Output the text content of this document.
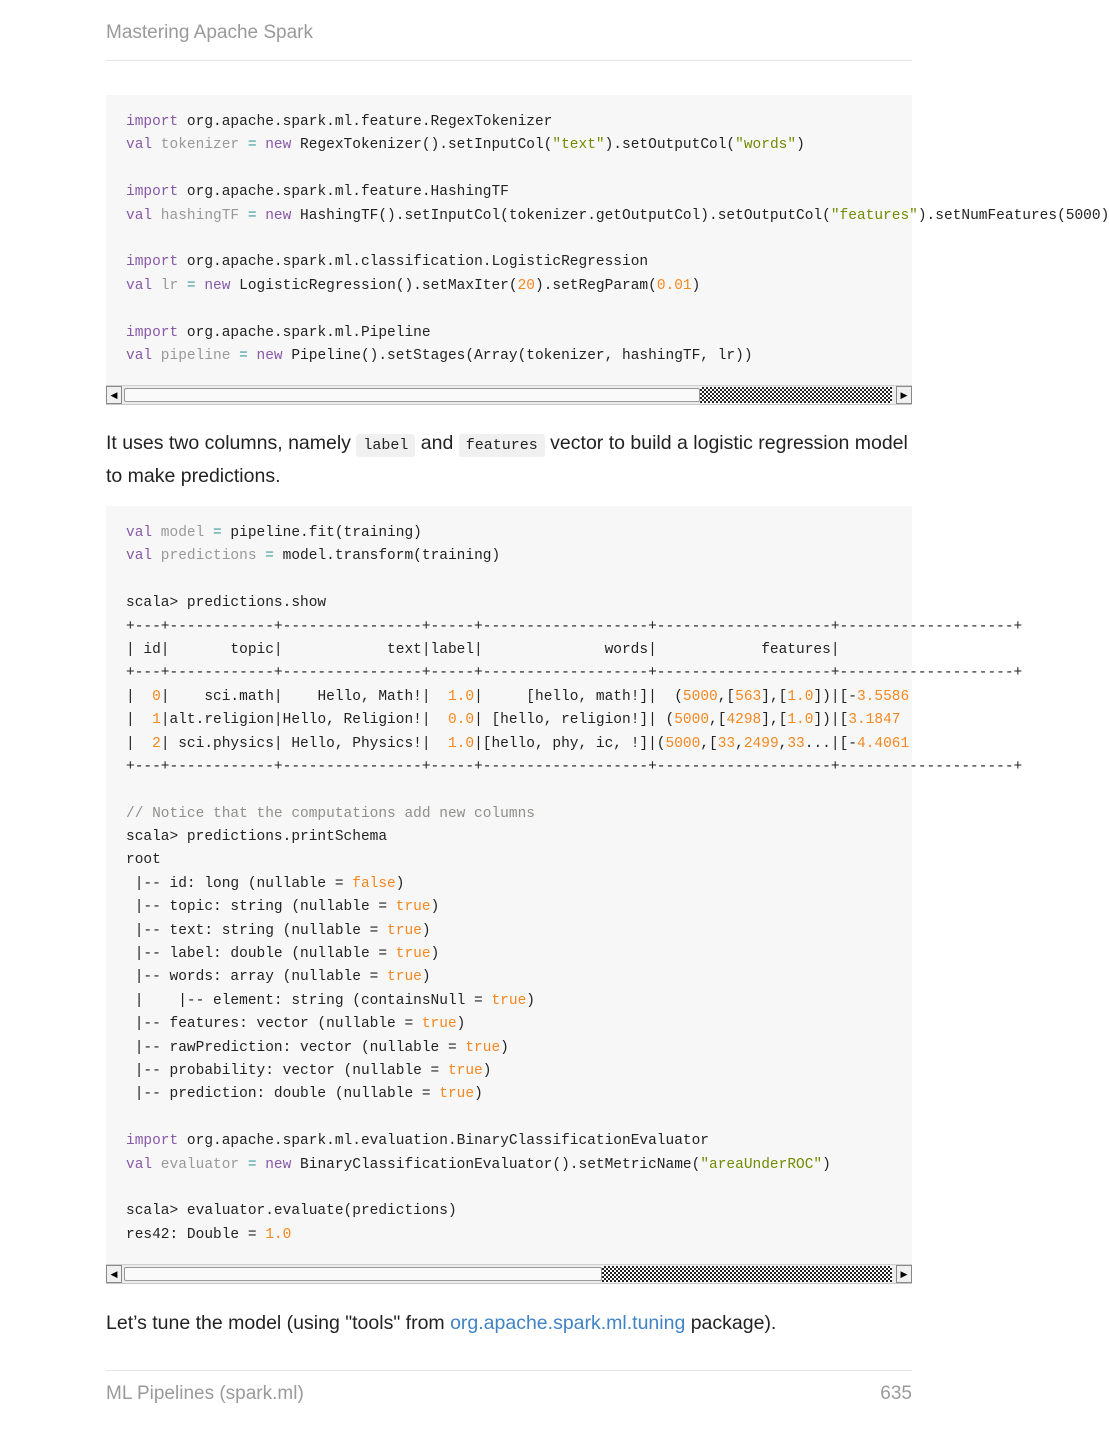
Mastering Apache Spark
import org.apache.spark.ml.feature.RegexTokenizer
val tokenizer = new RegexTokenizer().setInputCol("text").setOutputCol("words")

import org.apache.spark.ml.feature.HashingTF
val hashingTF = new HashingTF().setInputCol(tokenizer.getOutputCol).setOutputCol("features").setNumFeatures(5000)

import org.apache.spark.ml.classification.LogisticRegression
val lr = new LogisticRegression().setMaxIter(20).setRegParam(0.01)

import org.apache.spark.ml.Pipeline
val pipeline = new Pipeline().setStages(Array(tokenizer, hashingTF, lr))
◀	▶
It uses two columns, namely label and features vector to build a logistic regression model to make predictions.
val model = pipeline.fit(training)
val predictions = model.transform(training)

scala> predictions.show
+---+------------+----------------+-----+-------------------+--------------------+--------------------+
| id|       topic|            text|label|              words|            features|
+---+------------+----------------+-----+-------------------+--------------------+--------------------+
|  0|    sci.math|    Hello, Math!|  1.0|     [hello, math!]|  (5000,[563],[1.0])|[-3.5586
|  1|alt.religion|Hello, Religion!|  0.0| [hello, religion!]| (5000,[4298],[1.0])|[3.1847
|  2| sci.physics| Hello, Physics!|  1.0|[hello, phy, ic, !]|(5000,[33,2499,33...|[-4.4061
+---+------------+----------------+-----+-------------------+--------------------+--------------------+

// Notice that the computations add new columns
scala> predictions.printSchema
root
|-- id: long (nullable = false)
|-- topic: string (nullable = true)
|-- text: string (nullable = true)
|-- label: double (nullable = true)
|-- words: array (nullable = true)
|    |-- element: string (containsNull = true)
|-- features: vector (nullable = true)
|-- rawPrediction: vector (nullable = true)
|-- probability: vector (nullable = true)
|-- prediction: double (nullable = true)

import org.apache.spark.ml.evaluation.BinaryClassificationEvaluator
val evaluator = new BinaryClassificationEvaluator().setMetricName("areaUnderROC")

scala> evaluator.evaluate(predictions)
res42: Double = 1.0
◀	▶
Let’s tune the model (using "tools" from org.apache.spark.ml.tuning package).
ML Pipelines (spark.ml)	635
